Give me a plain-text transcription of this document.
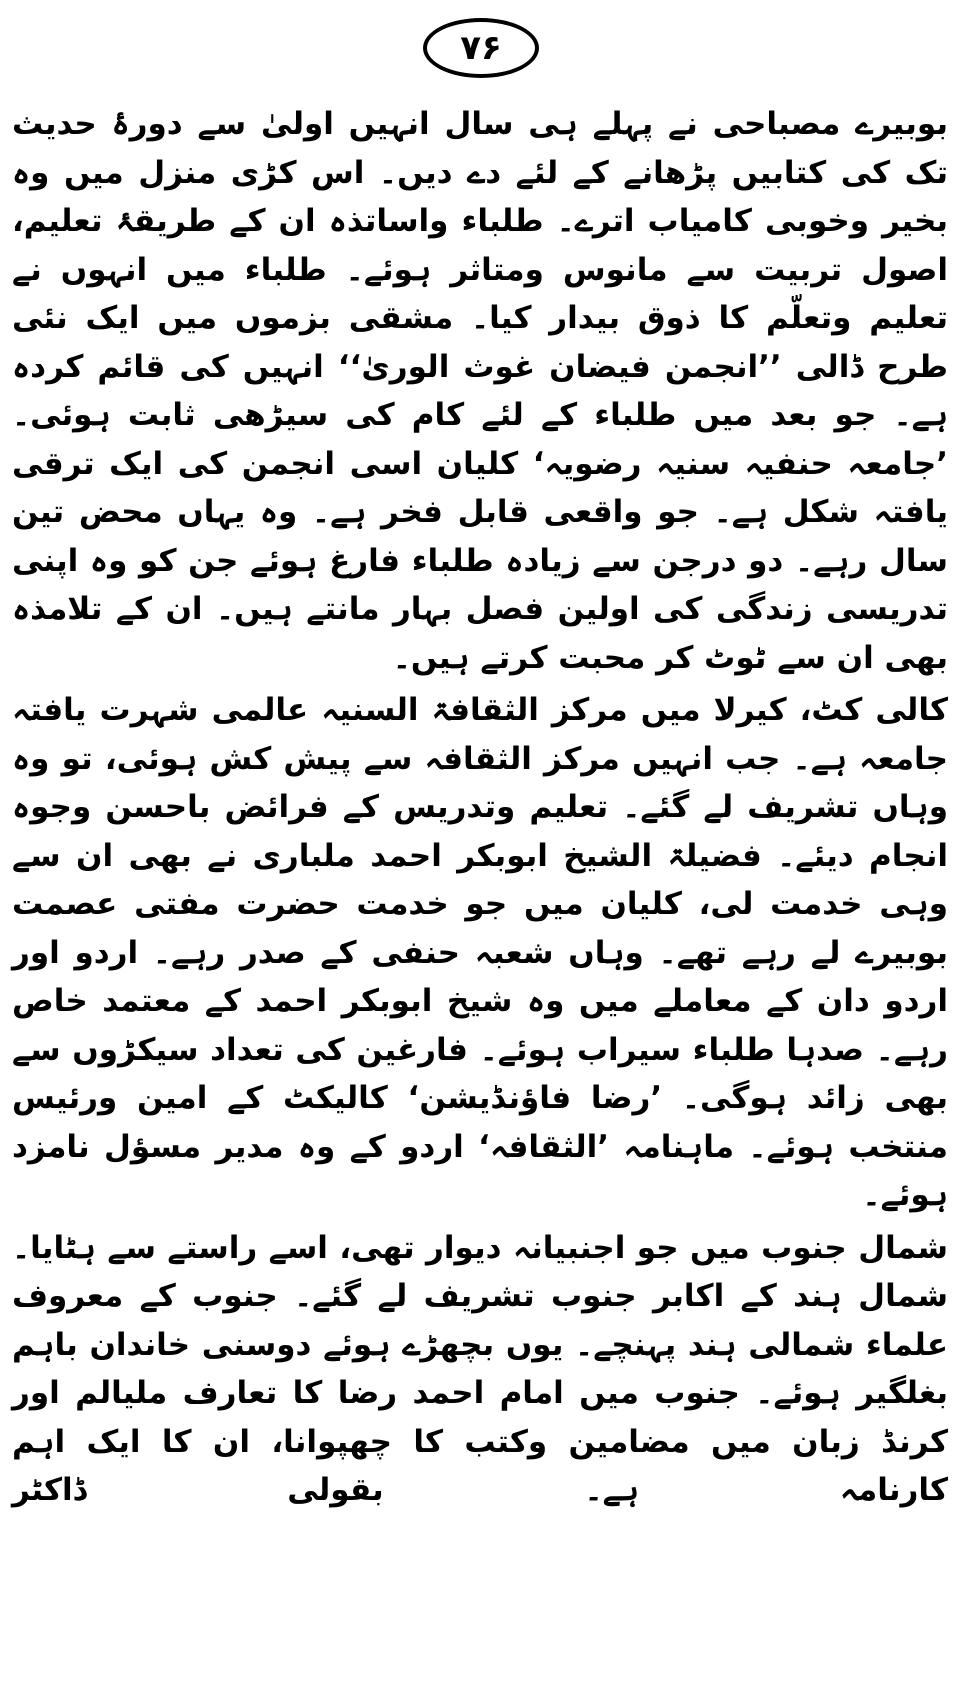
۷۶

بوبیرے مصباحی نے پہلے ہی سال انہیں اولیٰ سے دورۂ حدیث تک کی کتابیں پڑھانے کے لئے دے دیں۔ اس کڑی منزل میں وہ بخیر وخوبی کامیاب اترے۔ طلباء واساتذہ ان کے طریقۂ تعلیم، اصول تربیت سے مانوس ومتاثر ہوئے۔ طلباء میں انہوں نے تعلیم وتعلّم کا ذوق بیدار کیا۔ مشقی بزموں میں ایک نئی طرح ڈالی ’’انجمن فیضان غوث الوریٰ‘‘ انہیں کی قائم کردہ ہے۔ جو بعد میں طلباء کے لئے کام کی سیڑھی ثابت ہوئی۔ ’جامعہ حنفیہ سنیہ رضویہ‘ کلیان اسی انجمن کی ایک ترقی یافتہ شکل ہے۔ جو واقعی قابل فخر ہے۔ وہ یہاں محض تین سال رہے۔ دو درجن سے زیادہ طلباء فارغ ہوئے جن کو وہ اپنی تدریسی زندگی کی اولین فصل بہار مانتے ہیں۔ ان کے تلامذہ بھی ان سے ٹوٹ کر محبت کرتے ہیں۔

کالی کٹ، کیرلا میں مرکز الثقافۃ السنیہ عالمی شہرت یافتہ جامعہ ہے۔ جب انہیں مرکز الثقافہ سے پیش کش ہوئی، تو وہ وہاں تشریف لے گئے۔ تعلیم وتدریس کے فرائض باحسن وجوہ انجام دیئے۔ فضیلۃ الشیخ ابوبکر احمد ملباری نے بھی ان سے وہی خدمت لی، کلیان میں جو خدمت حضرت مفتی عصمت بوبیرے لے رہے تھے۔ وہاں شعبہ حنفی کے صدر رہے۔ اردو اور اردو دان کے معاملے میں وہ شیخ ابوبکر احمد کے معتمد خاص رہے۔ صدہا طلباء سیراب ہوئے۔ فارغین کی تعداد سیکڑوں سے بھی زائد ہوگی۔ ’رضا فاؤنڈیشن‘ کالیکٹ کے امین ورئیس منتخب ہوئے۔ ماہنامہ ’الثقافہ‘ اردو کے وہ مدیر مسؤل نامزد ہوئے۔

شمال جنوب میں جو اجنبیانہ دیوار تھی، اسے راستے سے ہٹایا۔ شمال ہند کے اکابر جنوب تشریف لے گئے۔ جنوب کے معروف علماء شمالی ہند پہنچے۔ یوں بچھڑے ہوئے دوسنی خاندان باہم بغلگیر ہوئے۔ جنوب میں امام احمد رضا کا تعارف ملیالم اور کرنڈ زبان میں مضامین وکتب کا چھپوانا، ان کا ایک اہم کارنامہ ہے۔ بقولی ڈاکٹر
